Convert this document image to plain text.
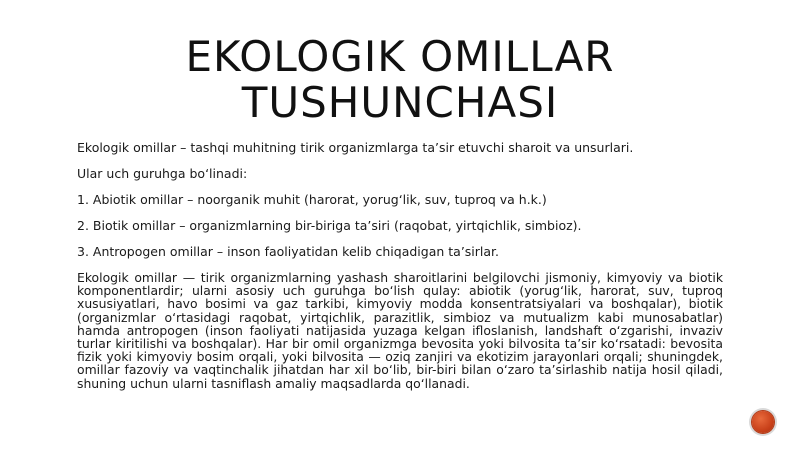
EKOLOGIK OMILLAR
TUSHUNCHASI

Ekologik omillar – tashqi muhitning tirik organizmlarga ta’sir etuvchi sharoit va unsurlari.

Ular uch guruhga bo‘linadi:

1. Abiotik omillar – noorganik muhit (harorat, yorug‘lik, suv, tuproq va h.k.)

2. Biotik omillar – organizmlarning bir-biriga ta’siri (raqobat, yirtqichlik, simbioz).

3. Antropogen omillar – inson faoliyatidan kelib chiqadigan ta’sirlar.

Ekologik omillar — tirik organizmlarning yashash sharoitlarini belgilovchi jismoniy, kimyoviy va biotik komponentlardir; ularni asosiy uch guruhga bo‘lish qulay: abiotik (yorug‘lik, harorat, suv, tuproq xususiyatlari, havo bosimi va gaz tarkibi, kimyoviy modda konsentratsiyalari va boshqalar), biotik (organizmlar o‘rtasidagi raqobat, yirtqichlik, parazitlik, simbioz va mutualizm kabi munosabatlar) hamda antropogen (inson faoliyati natijasida yuzaga kelgan ifloslanish, landshaft o‘zgarishi, invaziv turlar kiritilishi va boshqalar). Har bir omil organizmga bevosita yoki bilvosita ta’sir ko‘rsatadi: bevosita fizik yoki kimyoviy bosim orqali, yoki bilvosita — oziq zanjiri va ekotizim jarayonlari orqali; shuningdek, omillar fazoviy va vaqtinchalik jihatdan har xil bo‘lib, bir-biri bilan o‘zaro ta’sirlashib natija hosil qiladi, shuning uchun ularni tasniflash amaliy maqsadlarda qo‘llanadi.
